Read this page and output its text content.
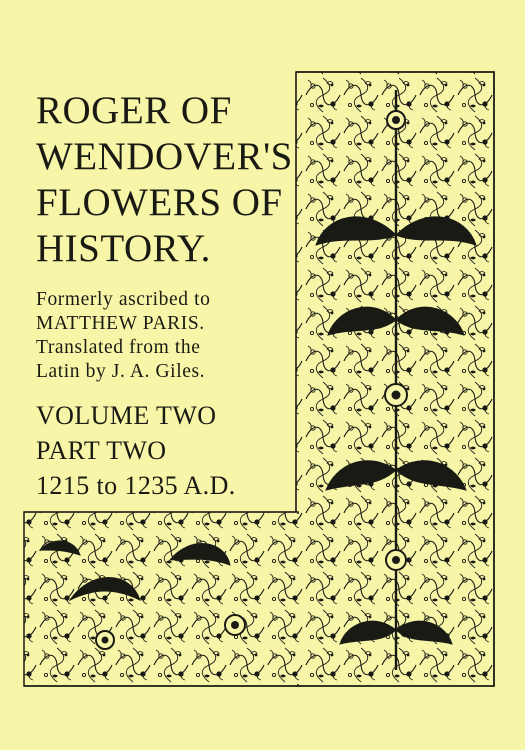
ROGER OF
WENDOVER'S
FLOWERS OF
HISTORY.
Formerly ascribed to
MATTHEW PARIS.
Translated from the
Latin by J. A. Giles.
VOLUME TWO
PART TWO
1215 to 1235 A.D.
